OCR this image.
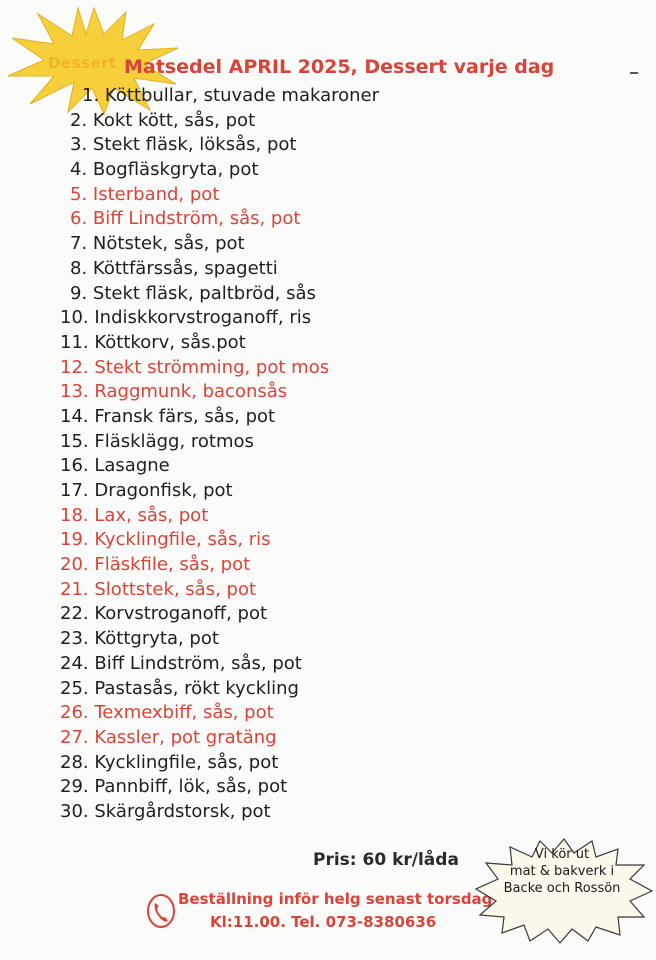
Dessert Matsedel APRIL 2025, Dessert varje dag
1. Köttbullar, stuvade makaroner
2. Kokt kött, sås, pot
3. Stekt fläsk, löksås, pot
4. Bogfläskgryta, pot
5. Isterband, pot
6. Biff Lindström, sås, pot
7. Nötstek, sås, pot
8. Köttfärssås, spagetti
9. Stekt fläsk, paltbröd, sås
10. Indiskkorvstroganoff, ris
11. Köttkorv, sås.pot
12. Stekt strömming, pot mos
13. Raggmunk, baconsås
14. Fransk färs, sås, pot
15. Fläsklägg, rotmos
16. Lasagne
17. Dragonfisk, pot
18. Lax, sås, pot
19. Kycklingfile, sås, ris
20. Fläskfile, sås, pot
21. Slottstek, sås, pot
22. Korvstroganoff, pot
23. Köttgryta, pot
24. Biff Lindström, sås, pot
25. Pastasås, rökt kyckling
26. Texmexbiff, sås, pot
27. Kassler, pot gratäng
28. Kycklingfile, sås, pot
29. Pannbiff, lök, sås, pot
30. Skärgårdstorsk, pot
Pris: 60 kr/låda
Beställning inför helg senast torsdag
Kl:11.00. Tel. 073-8380636
Vi kör ut
mat & bakverk i
Backe och Rossön
